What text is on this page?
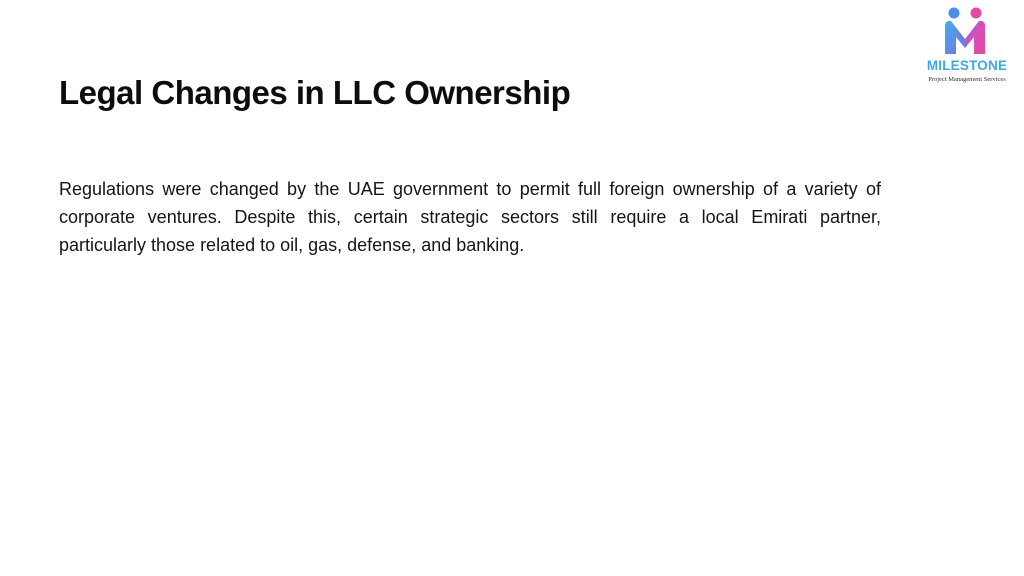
Legal Changes in LLC Ownership

Regulations were changed by the UAE government to permit full foreign ownership of a variety of corporate ventures. Despite this, certain strategic sectors still require a local Emirati partner, particularly those related to oil, gas, defense, and banking.

MILESTONE
Project Management Services
